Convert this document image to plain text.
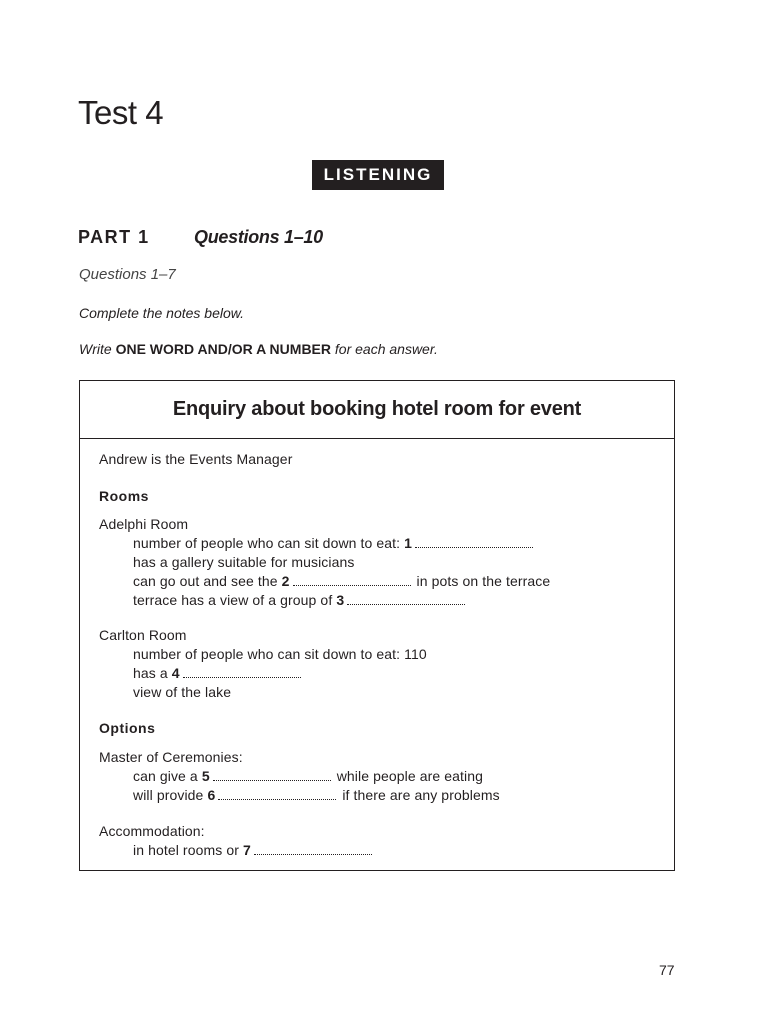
Test 4
LISTENING
PART 1 Questions 1–10
Questions 1–7
Complete the notes below.
Write ONE WORD AND/OR A NUMBER for each answer.
Enquiry about booking hotel room for event
Andrew is the Events Manager
Rooms
Adelphi Room
number of people who can sit down to eat: 1
has a gallery suitable for musicians
can go out and see the 2	in pots on the terrace
terrace has a view of a group of 3
Carlton Room
number of people who can sit down to eat: 110
has a 4
view of the lake
Options
Master of Ceremonies:
can give a 5	while people are eating
will provide 6	if there are any problems
Accommodation:
in hotel rooms or 7
77
